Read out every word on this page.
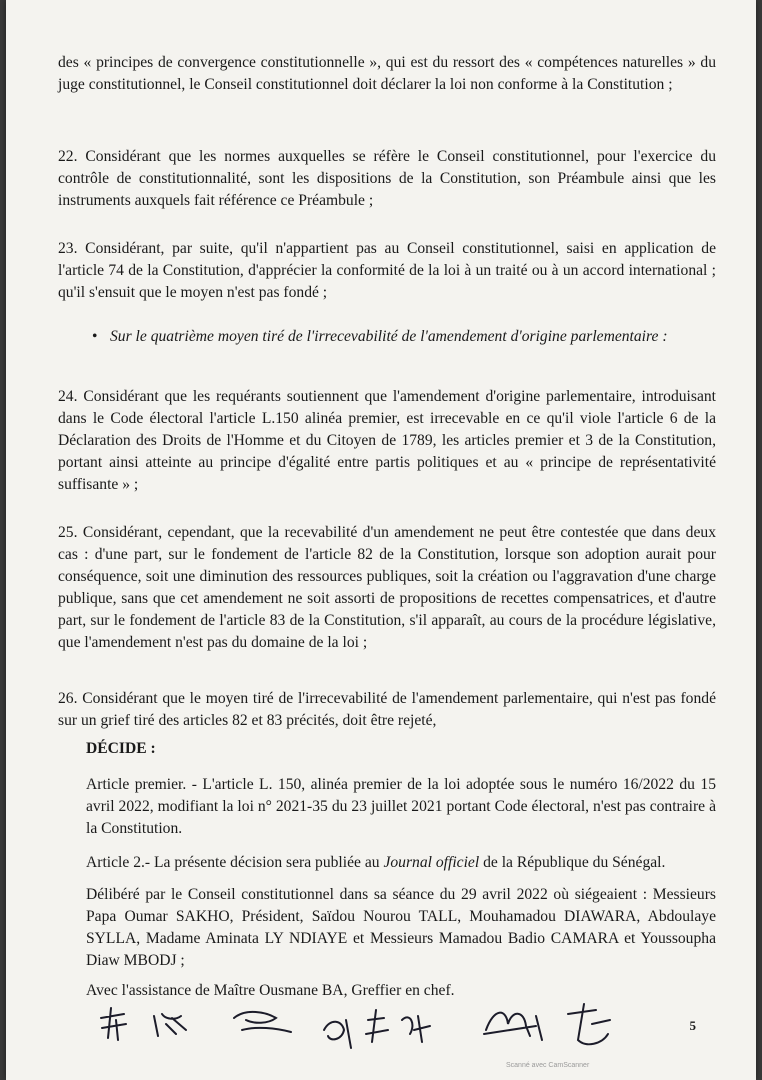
des « principes de convergence constitutionnelle », qui est du ressort des « compétences naturelles » du juge constitutionnel, le Conseil constitutionnel doit déclarer la loi non conforme à la Constitution ;

22. Considérant que les normes auxquelles se réfère le Conseil constitutionnel, pour l'exercice du contrôle de constitutionnalité, sont les dispositions de la Constitution, son Préambule ainsi que les instruments auxquels fait référence ce Préambule ;

23. Considérant, par suite, qu'il n'appartient pas au Conseil constitutionnel, saisi en application de l'article 74 de la Constitution, d'apprécier la conformité de la loi à un traité ou à un accord international ; qu'il s'ensuit que le moyen n'est pas fondé ;

• Sur le quatrième moyen tiré de l'irrecevabilité de l'amendement d'origine parlementaire :

24. Considérant que les requérants soutiennent que l'amendement d'origine parlementaire, introduisant dans le Code électoral l'article L.150 alinéa premier, est irrecevable en ce qu'il viole l'article 6 de la Déclaration des Droits de l'Homme et du Citoyen de 1789, les articles premier et 3 de la Constitution, portant ainsi atteinte au principe d'égalité entre partis politiques et au « principe de représentativité suffisante » ;

25. Considérant, cependant, que la recevabilité d'un amendement ne peut être contestée que dans deux cas : d'une part, sur le fondement de l'article 82 de la Constitution, lorsque son adoption aurait pour conséquence, soit une diminution des ressources publiques, soit la création ou l'aggravation d'une charge publique, sans que cet amendement ne soit assorti de propositions de recettes compensatrices, et d'autre part, sur le fondement de l'article 83 de la Constitution, s'il apparaît, au cours de la procédure législative, que l'amendement n'est pas du domaine de la loi ;

26. Considérant que le moyen tiré de l'irrecevabilité de l'amendement parlementaire, qui n'est pas fondé sur un grief tiré des articles 82 et 83 précités, doit être rejeté,

DÉCIDE :
Article premier. - L'article L. 150, alinéa premier de la loi adoptée sous le numéro 16/2022 du 15 avril 2022, modifiant la loi n° 2021-35 du 23 juillet 2021 portant Code électoral, n'est pas contraire à la Constitution.
Article 2.- La présente décision sera publiée au Journal officiel de la République du Sénégal.
Délibéré par le Conseil constitutionnel dans sa séance du 29 avril 2022 où siégeaient : Messieurs Papa Oumar SAKHO, Président, Saïdou Nourou TALL, Mouhamadou DIAWARA, Abdoulaye SYLLA, Madame Aminata LY NDIAYE et Messieurs Mamadou Badio CAMARA et Youssoupha Diaw MBODJ ;
Avec l'assistance de Maître Ousmane BA, Greffier en chef.
5
Scanné avec CamScanner
